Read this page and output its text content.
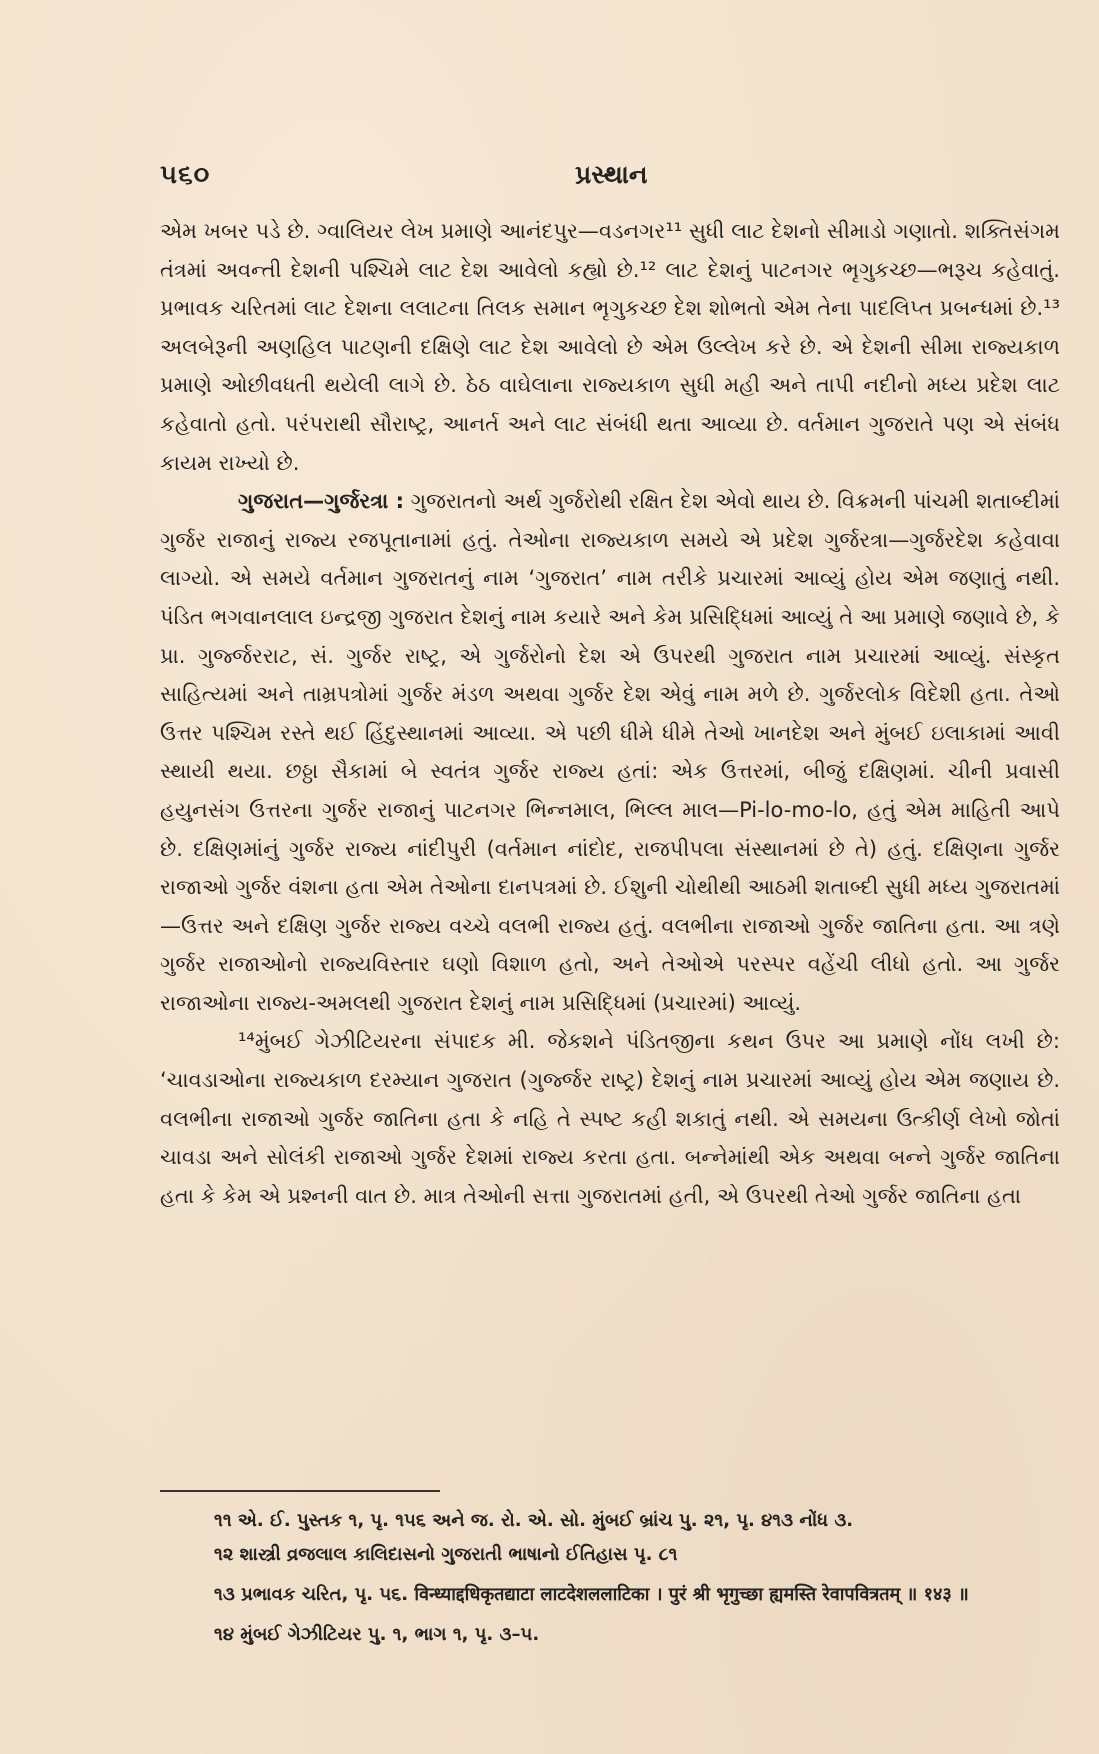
૫૬૦	પ્રસ્થાન

એમ ખબર પડે છે. ગ્વાલિયર લેખ પ્રમાણે આનંદપુર—વડનગર¹¹ સુધી લાટ દેશનો સીમાડો ગણાતો. શક્તિસંગમ તંત્રમાં અવન્તી દેશની પશ્ચિમે લાટ દેશ આવેલો કહ્યો છે.¹² લાટ દેશનું પાટનગર ભૃગુકચ્છ—ભરૂચ કહેવાતું. પ્રભાવક ચરિતમાં લાટ દેશના લલાટના તિલક સમાન ભૃગુકચ્છ દેશ શોભતો એમ તેના પાદલિપ્ત પ્રબન્ધમાં છે.¹³ અલબેરૂની અણહિલ પાટણની દક્ષિણે લાટ દેશ આવેલો છે એમ ઉલ્લેખ કરે છે. એ દેશની સીમા રાજ્યકાળ પ્રમાણે ઓછીવધતી થયેલી લાગે છે. ઠેઠ વાઘેલાના રાજ્યકાળ સુધી મહી અને તાપી નદીનો મધ્ય પ્રદેશ લાટ કહેવાતો હતો. પરંપરાથી સૌરાષ્ટ્ર, આનર્ત અને લાટ સંબંધી થતા આવ્યા છે. વર્તમાન ગુજરાતે પણ એ સંબંધ કાયમ રાખ્યો છે.

ગુજરાત—ગુર્જરત્રા : ગુજરાતનો અર્થ ગુર્જરોથી રક્ષિત દેશ એવો થાય છે. વિક્રમની પાંચમી શતાબ્દીમાં ગુર્જર રાજાનું રાજ્ય રજપૂતાનામાં હતું. તેઓના રાજ્યકાળ સમયે એ પ્રદેશ ગુર્જરત્રા—ગુર્જરદેશ કહેવાવા લાગ્યો. એ સમયે વર્તમાન ગુજરાતનું નામ ‘ગુજરાત’ નામ તરીકે પ્રચારમાં આવ્યું હોય એમ જણાતું નથી. પંડિત ભગવાનલાલ ઇન્દ્રજી ગુજરાત દેશનું નામ કયારે અને કેમ પ્રસિદ્ધિમાં આવ્યું તે આ પ્રમાણે જણાવે છે, કે પ્રા. ગુર્જ્જરરાટ, સં. ગુર્જર રાષ્ટ્ર, એ ગુર્જરોનો દેશ એ ઉપરથી ગુજરાત નામ પ્રચારમાં આવ્યું. સંસ્કૃત સાહિત્યમાં અને તામ્રપત્રોમાં ગુર્જર મંડળ અથવા ગુર્જર દેશ એવું નામ મળે છે. ગુર્જરલોક વિદેશી હતા. તેઓ ઉત્તર પશ્ચિમ રસ્તે થઈ હિંદુસ્થાનમાં આવ્યા. એ પછી ધીમે ધીમે તેઓ ખાનદેશ અને મુંબઈ ઇલાકામાં આવી સ્થાયી થયા. છઠ્ઠા સૈકામાં બે સ્વતંત્ર ગુર્જર રાજ્ય હતાં: એક ઉત્તરમાં, બીજું દક્ષિણમાં. ચીની પ્રવાસી હયુનસંગ ઉત્તરના ગુર્જર રાજાનું પાટનગર ભિન્નમાલ, ભિલ્લ માલ—Pi-lo-mo-lo, હતું એમ માહિતી આપે છે. દક્ષિણમાંનું ગુર્જર રાજ્ય નાંદીપુરી (વર્તમાન નાંદોદ, રાજપીપલા સંસ્થાનમાં છે તે) હતું. દક્ષિણના ગુર્જર રાજાઓ ગુર્જર વંશના હતા એમ તેઓના દાનપત્રમાં છે. ઈશુની ચોથીથી આઠમી શતાબ્દી સુધી મધ્ય ગુજરાતમાં—ઉત્તર અને દક્ષિણ ગુર્જર રાજ્ય વચ્ચે વલભી રાજ્ય હતું. વલભીના રાજાઓ ગુર્જર જાતિના હતા. આ ત્રણે ગુર્જર રાજાઓનો રાજ્યવિસ્તાર ઘણો વિશાળ હતો, અને તેઓએ પરસ્પર વહેંચી લીધો હતો. આ ગુર્જર રાજાઓના રાજ્ય-અમલથી ગુજરાત દેશનું નામ પ્રસિદ્ધિમાં (પ્રચારમાં) આવ્યું.

¹⁴મુંબઈ ગેઝીટિયરના સંપાદક મી. જેકશને પંડિતજીના કથન ઉપર આ પ્રમાણે નોંધ લખી છે: ‘ચાવડાઓના રાજ્યકાળ દરમ્યાન ગુજરાત (ગુર્જ્જર રાષ્ટ્ર) દેશનું નામ પ્રચારમાં આવ્યું હોય એમ જણાય છે. વલભીના રાજાઓ ગુર્જર જાતિના હતા કે નહિ તે સ્પષ્ટ કહી શકાતું નથી. એ સમયના ઉત્કીર્ણ લેખો જોતાં ચાવડા અને સોલંકી રાજાઓ ગુર્જર દેશમાં રાજ્ય કરતા હતા. બન્નેમાંથી એક અથવા બન્ને ગુર્જર જાતિના હતા કે કેમ એ પ્રશ્નની વાત છે. માત્ર તેઓની સત્તા ગુજરાતમાં હતી, એ ઉપરથી તેઓ ગુર્જર જાતિના હતા

૧૧ એ. ઈ. પુસ્તક ૧, પૃ. ૧૫૬ અને જ. રો. એ. સો. મુંબઈ બ્રાંચ પુ. ૨૧, પૃ. ૪૧૩ નોંધ ૩.

૧૨ શાસ્ત્રી વ્રજલાલ કાલિદાસનો ગુજરાતી ભાષાનો ઈતિહાસ પૃ. ૮૧

૧૩ પ્રભાવક ચરિત, પૃ. ૫૬. विन्ध्याद्दधिकृतद्याटा लाटदेशललाटिका । पुरं श्री भृगुच्छा ह्यमस्ति रेवापवित्रतम् ॥ १४३ ॥

૧૪ મુંબઈ ગેઝીટિયર પુ. ૧, ભાગ ૧, પૃ. ૩–૫.
